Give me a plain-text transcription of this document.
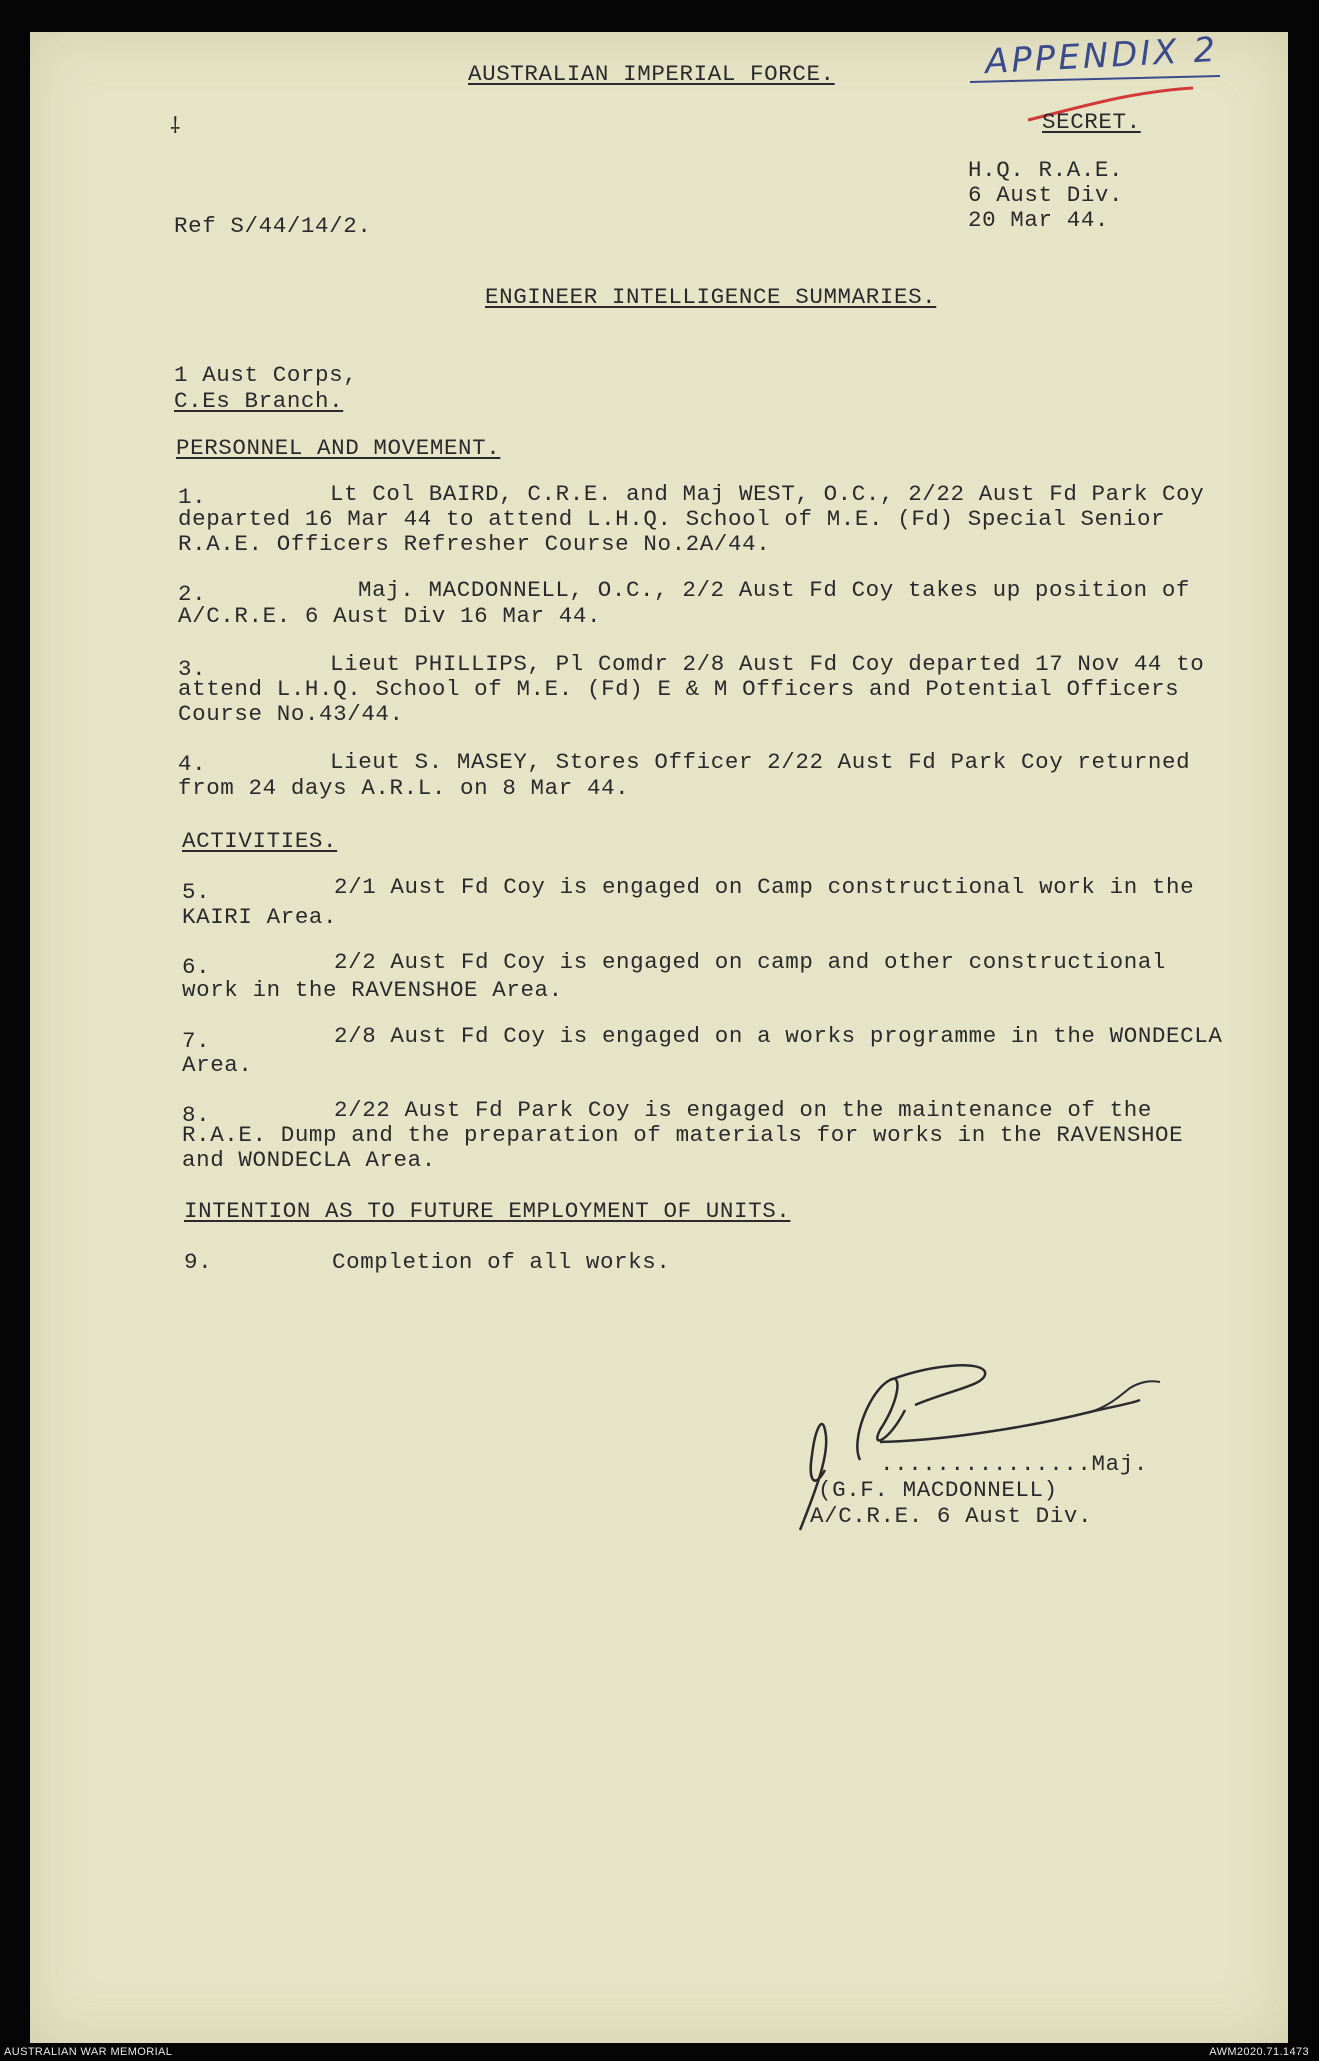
APPENDIX 2
AUSTRALIAN IMPERIAL FORCE.
SECRET.
⸸
H.Q. R.A.E.
6 Aust Div.
20 Mar 44.
Ref S/44/14/2.
ENGINEER INTELLIGENCE SUMMARIES.
1 Aust Corps,
C.Es Branch.
PERSONNEL AND MOVEMENT.
1.	Lt Col BAIRD, C.R.E. and Maj WEST, O.C., 2/22 Aust Fd Park Coy
departed 16 Mar 44 to attend L.H.Q. School of M.E. (Fd) Special Senior
R.A.E. Officers Refresher Course No.2A/44.
2.	Maj. MACDONNELL, O.C., 2/2 Aust Fd Coy takes up position of
A/C.R.E. 6 Aust Div 16 Mar 44.
3.	Lieut PHILLIPS, Pl Comdr 2/8 Aust Fd Coy departed 17 Nov 44 to
attend L.H.Q. School of M.E. (Fd) E & M Officers and Potential Officers
Course No.43/44.
4.	Lieut S. MASEY, Stores Officer 2/22 Aust Fd Park Coy returned
from 24 days A.R.L. on 8 Mar 44.
ACTIVITIES.
5.	2/1 Aust Fd Coy is engaged on Camp constructional work in the
KAIRI Area.
6.	2/2 Aust Fd Coy is engaged on camp and other constructional
work in the RAVENSHOE Area.
7.	2/8 Aust Fd Coy is engaged on a works programme in the WONDECLA
Area.
8.	2/22 Aust Fd Park Coy is engaged on the maintenance of the
R.A.E. Dump and the preparation of materials for works in the RAVENSHOE
and WONDECLA Area.
INTENTION AS TO FUTURE EMPLOYMENT OF UNITS.
9.	Completion of all works.
...............Maj.
(G.F. MACDONNELL)
A/C.R.E. 6 Aust Div.
AUSTRALIAN WAR MEMORIAL	AWM2020.71.1473
